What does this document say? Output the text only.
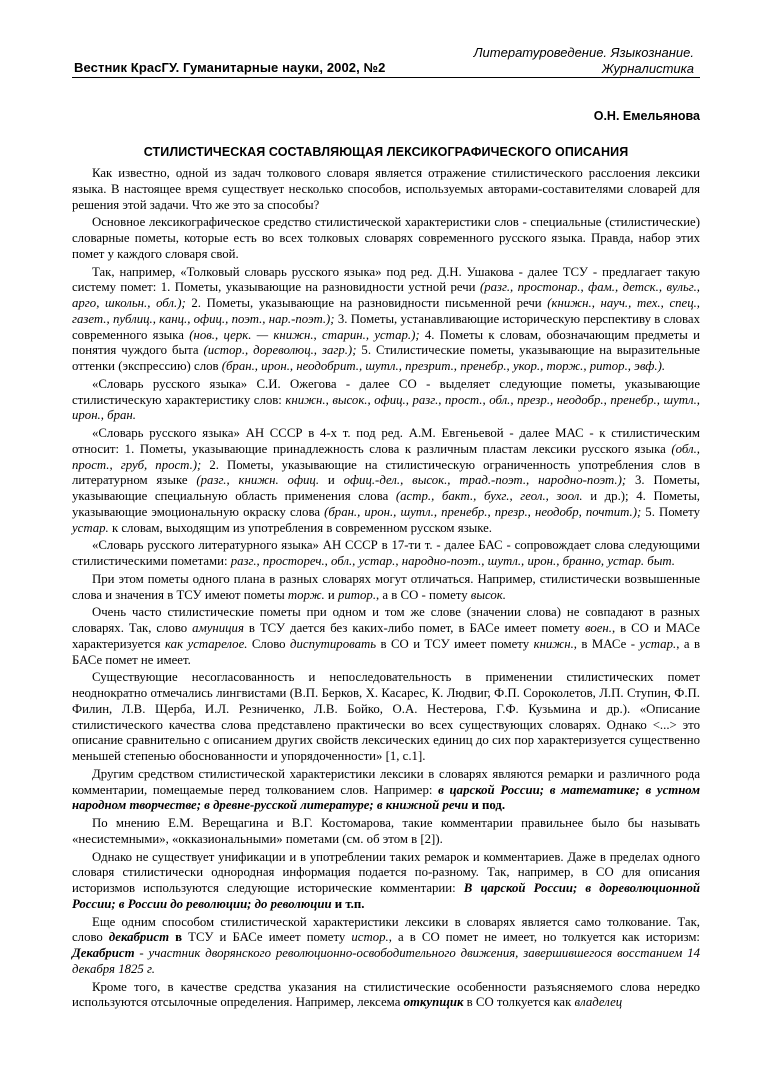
Вестник КрасГУ. Гуманитарные науки, 2002, №2
Литературоведение. Языкознание.
Журналистика
О.Н. Емельянова
СТИЛИСТИЧЕСКАЯ СОСТАВЛЯЮЩАЯ ЛЕКСИКОГРАФИЧЕСКОГО ОПИСАНИЯ

Как известно, одной из задач толкового словаря является отражение стилистического расслоения лексики языка. В настоящее время существует несколько способов, используемых авторами-составителями словарей для решения этой задачи. Что же это за способы?

Основное лексикографическое средство стилистической характеристики слов - специальные (стилистические) словарные пометы, которые есть во всех толковых словарях современного русского языка. Правда, набор этих помет у каждого словаря свой.

Так, например, «Толковый словарь русского языка» под ред. Д.Н. Ушакова - далее ТСУ - предлагает такую систему помет: 1. Пометы, указывающие на разновидности устной речи (разг., простонар., фам., детск., вульг., арго, школьн., обл.); 2. Пометы, указывающие на разновидности письменной речи (книжн., науч., тех., спец., газет., публиц., канц., офиц., поэт., нар.-поэт.); 3. Пометы, устанавливающие историческую перспективу в словах современного языка (нов., церк. — книжн., старин., устар.); 4. Пометы к словам, обозначающим предметы и понятия чуждого быта (истор., дореволюц., загр.); 5. Стилистические пометы, указывающие на выразительные оттенки (экспрессию) слов (бран., ирон., неодобрит., шутл., презрит., пренебр., укор., торж., ритор., эвф.).

«Словарь русского языка» С.И. Ожегова - далее СО - выделяет следующие пометы, указывающие стилистическую характеристику слов: книжн., высок., офиц., разг., прост., обл., презр., неодобр., пренебр., шутл., ирон., бран.

«Словарь русского языка» АН СССР в 4-х т. под ред. А.М. Евгеньевой - далее МАС - к стилистическим относит: 1. Пометы, указывающие принадлежность слова к различным пластам лексики русского языка (обл., прост., груб, прост.); 2. Пометы, указывающие на стилистическую ограниченность употребления слов в литературном языке (разг., книжн. офиц. и офиц.-дел., высок., трад.-поэт., народно-поэт.); 3. Пометы, указывающие специальную область применения слова (астр., бакт., бухг., геол., зоол. и др.); 4. Пометы, указывающие эмоциональную окраску слова (бран., ирон., шутл., пренебр., презр., неодобр, почтит.); 5. Помету устар. к словам, выходящим из употребления в современном русском языке.

«Словарь русского литературного языка» АН СССР в 17-ти т. - далее БАС - сопровождает слова следующими стилистическими пометами: разг., простореч., обл., устар., народно-поэт., шутл., ирон., бранно, устар. быт.

При этом пометы одного плана в разных словарях могут отличаться. Например, стилистически возвышенные слова и значения в ТСУ имеют пометы торж. и ритор., а в СО - помету высок.

Очень часто стилистические пометы при одном и том же слове (значении слова) не совпадают в разных словарях. Так, слово амуниция в ТСУ дается без каких-либо помет, в БАСе имеет помету воен., в СО и МАСе характеризуется как устарелое. Слово диспутировать в СО и ТСУ имеет помету книжн., в МАСе - устар., а в БАСе помет не имеет.

Существующие несогласованность и непоследовательность в применении стилистических помет неоднократно отмечались лингвистами (В.П. Берков, Х. Касарес, К. Людвиг, Ф.П. Сороколетов, Л.П. Ступин, Ф.П. Филин, Л.В. Щерба, И.Л. Резниченко, Л.В. Бойко, О.А. Нестерова, Г.Ф. Кузьмина и др.). «Описание стилистического качества слова представлено практически во всех существующих словарях. Однако <...> это описание сравнительно с описанием других свойств лексических единиц до сих пор характеризуется существенно меньшей степенью обоснованности и упорядоченности» [1, с.1].

Другим средством стилистической характеристики лексики в словарях являются ремарки и различного рода комментарии, помещаемые перед толкованием слов. Например: в царской России; в математике; в устном народном творчестве; в древне-русской литературе; в книжной речи и под.

По мнению Е.М. Верещагина и В.Г. Костомарова, такие комментарии правильнее было бы называть «несистемными», «окказиональными» пометами (см. об этом в [2]).

Однако не существует унификации и в употреблении таких ремарок и комментариев. Даже в пределах одного словаря стилистически однородная информация подается по-разному. Так, например, в СО для описания историзмов используются следующие исторические комментарии: В царской России; в дореволюционной России; в России до революции; до революции и т.п.

Еще одним способом стилистической характеристики лексики в словарях является само толкование. Так, слово декабрист в ТСУ и БАСе имеет помету истор., а в СО помет не имеет, но толкуется как историзм: Декабрист - участник дворянского революционно-освободительного движения, завершившегося восстанием 14 декабря 1825 г.

Кроме того, в качестве средства указания на стилистические особенности разъясняемого слова нередко используются отсылочные определения. Например, лексема откупщик в СО толкуется как владелец
